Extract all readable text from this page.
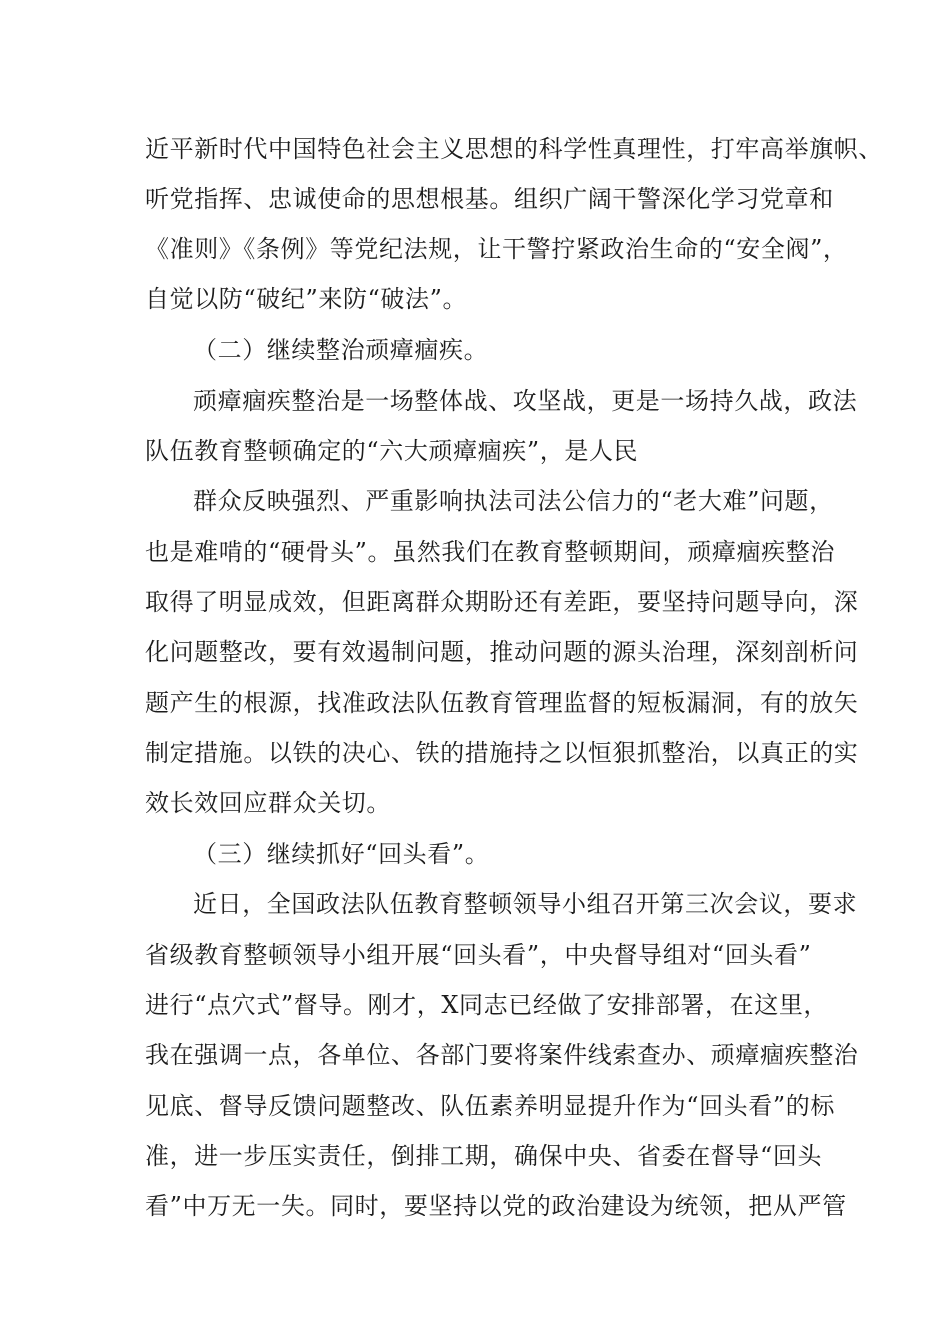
近平新时代中国特色社会主义思想的科学性真理性，打牢高举旗帜、
听党指挥、忠诚使命的思想根基。组织广阔干警深化学习党章和
《准则》《条例》等党纪法规，让干警拧紧政治生命的“安全阀”，
自觉以防“破纪”来防“破法”。
（二）继续整治顽瘴痼疾。
顽瘴痼疾整治是一场整体战、攻坚战，更是一场持久战，政法
队伍教育整顿确定的“六大顽瘴痼疾”，是人民
群众反映强烈、严重影响执法司法公信力的“老大难”问题，
也是难啃的“硬骨头”。虽然我们在教育整顿期间，顽瘴痼疾整治
取得了明显成效，但距离群众期盼还有差距，要坚持问题导向，深
化问题整改，要有效遏制问题，推动问题的源头治理，深刻剖析问
题产生的根源，找准政法队伍教育管理监督的短板漏洞，有的放矢
制定措施。以铁的决心、铁的措施持之以恒狠抓整治，以真正的实
效长效回应群众关切。
（三）继续抓好“回头看”。
近日，全国政法队伍教育整顿领导小组召开第三次会议，要求
省级教育整顿领导小组开展“回头看”，中央督导组对“回头看”
进行“点穴式”督导。刚才，X同志已经做了安排部署，在这里，
我在强调一点，各单位、各部门要将案件线索查办、顽瘴痼疾整治
见底、督导反馈问题整改、队伍素养明显提升作为“回头看”的标
准，进一步压实责任，倒排工期，确保中央、省委在督导“回头
看”中万无一失。同时，要坚持以党的政治建设为统领，把从严管
